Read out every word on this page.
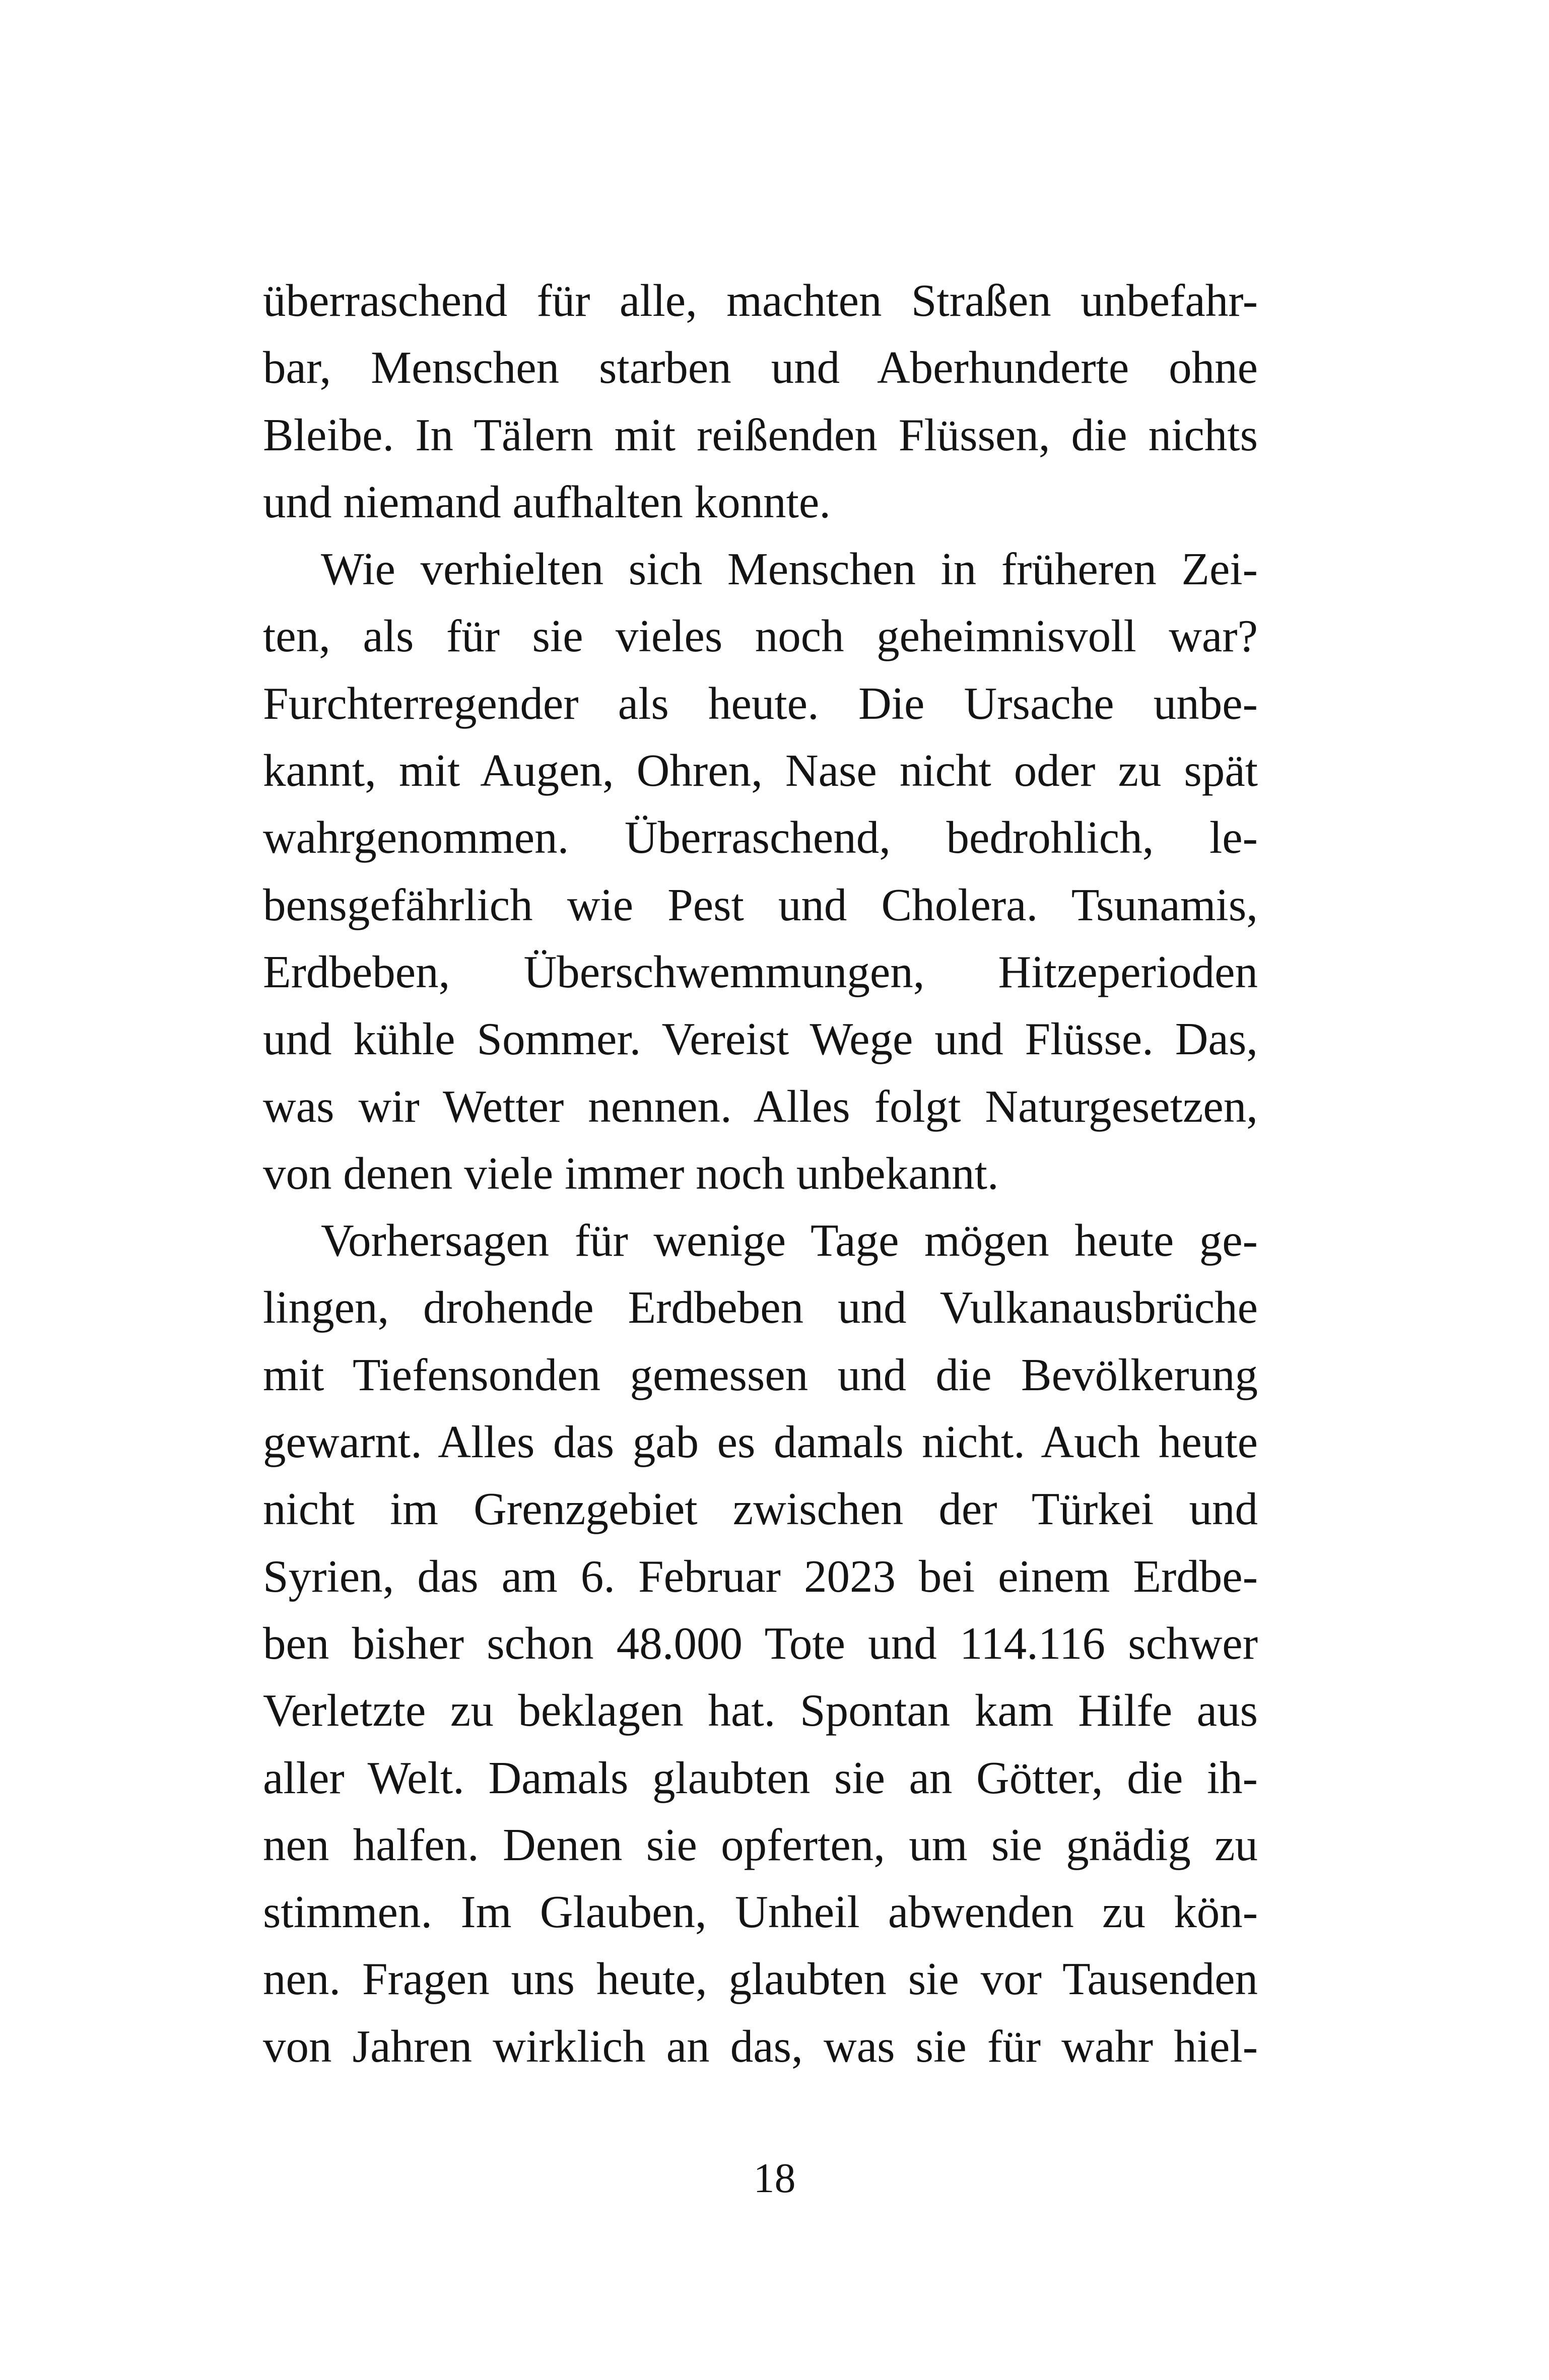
überraschend für alle, machten Straßen unbefahr-
bar, Menschen starben und Aberhunderte ohne
Bleibe. In Tälern mit reißenden Flüssen, die nichts
und niemand aufhalten konnte.
Wie verhielten sich Menschen in früheren Zei-
ten, als für sie vieles noch geheimnisvoll war?
Furchterregender als heute. Die Ursache unbe-
kannt, mit Augen, Ohren, Nase nicht oder zu spät
wahrgenommen. Überraschend, bedrohlich, le-
bensgefährlich wie Pest und Cholera. Tsunamis,
Erdbeben, Überschwemmungen, Hitzeperioden
und kühle Sommer. Vereist Wege und Flüsse. Das,
was wir Wetter nennen. Alles folgt Naturgesetzen,
von denen viele immer noch unbekannt.
Vorhersagen für wenige Tage mögen heute ge-
lingen, drohende Erdbeben und Vulkanausbrüche
mit Tiefensonden gemessen und die Bevölkerung
gewarnt. Alles das gab es damals nicht. Auch heute
nicht im Grenzgebiet zwischen der Türkei und
Syrien, das am 6. Februar 2023 bei einem Erdbe-
ben bisher schon 48.000 Tote und 114.116 schwer
Verletzte zu beklagen hat. Spontan kam Hilfe aus
aller Welt. Damals glaubten sie an Götter, die ih-
nen halfen. Denen sie opferten, um sie gnädig zu
stimmen. Im Glauben, Unheil abwenden zu kön-
nen. Fragen uns heute, glaubten sie vor Tausenden
von Jahren wirklich an das, was sie für wahr hiel-
18
